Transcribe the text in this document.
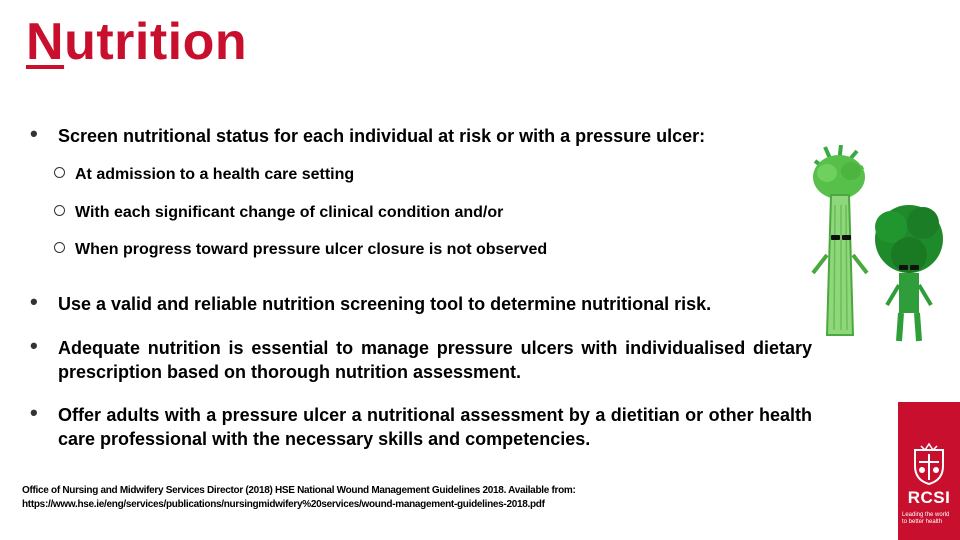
Nutrition
• Screen nutritional status for each individual at risk or with a pressure ulcer:
At admission to a health care setting
With each significant change of clinical condition and/or
When progress toward pressure ulcer closure is not observed
• Use a valid and reliable nutrition screening tool to determine nutritional risk.
• Adequate nutrition is essential to manage pressure ulcers with individualised dietary prescription based on thorough nutrition assessment.
• Offer adults with a pressure ulcer a nutritional assessment by a dietitian or other health care professional with the necessary skills and competencies.
Office of Nursing and Midwifery Services Director (2018) HSE National Wound Management Guidelines 2018. Available from:
https://www.hse.ie/eng/services/publications/nursingmidwifery%20services/wound-management-guidelines-2018.pdf	RCSI
Leading the world
to better health
